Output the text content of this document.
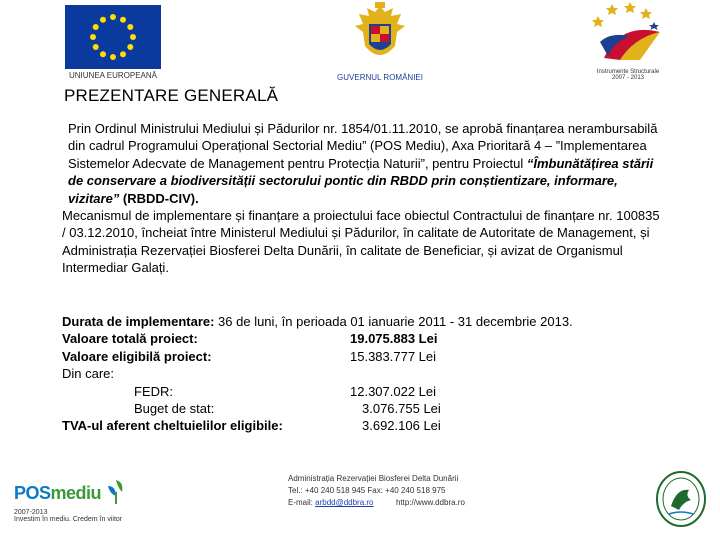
UNIUNEA EUROPEANĂ	GUVERNUL ROMÂNIEI
Instrumente Structurale
2007 - 2013
PREZENTARE GENERALĂ

Prin Ordinul Ministrului Mediului și Pădurilor nr. 1854/01.11.2010, se aprobă finanțarea nerambursabilă din cadrul Programului Operațional Sectorial Mediu” (POS Mediu), Axa Prioritară 4 – ”Implementarea Sistemelor Adecvate de Management pentru Protecția Naturii”, pentru Proiectul “Îmbunătățirea stării de conservare a biodiversității sectorului pontic din RBDD prin conștientizare, informare, vizitare” (RBDD-CIV).

Mecanismul de implementare și finanțare a proiectului face obiectul Contractului de finanțare nr. 100835 / 03.12.2010, încheiat între Ministerul Mediului și Pădurilor, în calitate de Autoritate de Management, și Administrația Rezervației Biosferei Delta Dunării, în calitate de Beneficiar, și avizat de Organismul Intermediar Galați.

Durata de implementare: 36 de luni, în perioada 01 ianuarie 2011 - 31 decembrie 2013.
Valoare totală proiect:	19.075.883 Lei
Valoare eligibilă proiect:	15.383.777 Lei
Din care:
FEDR:	12.307.022 Lei
Buget de stat:	3.076.755 Lei
TVA-ul aferent cheltuielilor eligibile:	3.692.106 Lei
POSmediu
2007-2013
Investim în mediu. Credem în viitor
Administrația Rezervației Biosferei Delta Dunării
Tel.: +40 240 518 945 Fax: +40 240 518 975
E-mail: arbdd@ddbra.ro	http://www.ddbra.ro
